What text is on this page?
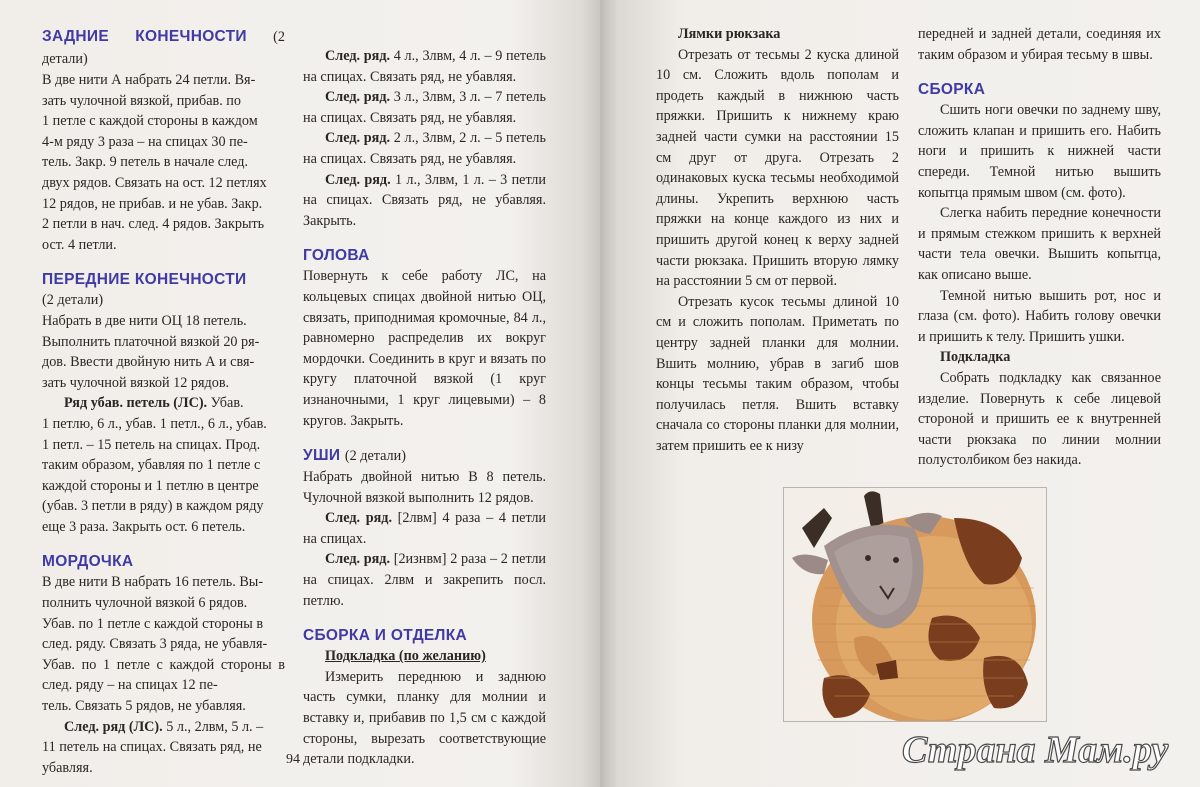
ЗАДНИЕ КОНЕЧНОСТИ (2 детали)

В две нити А набрать 24 петли. Вя-
зать чулочной вязкой, прибав. по
1 петле с каждой стороны в каждом
4-м ряду 3 раза – на спицах 30 пе-
тель. Закр. 9 петель в начале след.
двух рядов. Связать на ост. 12 петлях
12 рядов, не прибав. и не убав. Закр.
2 петли в нач. след. 4 рядов. Закрыть
ост. 4 петли.

ПЕРЕДНИЕ КОНЕЧНОСТИ

(2 детали)

Набрать в две нити ОЦ 18 петель.
Выполнить платочной вязкой 20 ря-
дов. Ввести двойную нить А и свя-
зать чулочной вязкой 12 рядов.

Ряд убав. петель (ЛС). Убав.
1 петлю, 6 л., убав. 1 петл., 6 л., убав.
1 петл. – 15 петель на спицах. Прод.
таким образом, убавляя по 1 петле с
каждой стороны и 1 петлю в центре
(убав. 3 петли в ряду) в каждом ряду
еще 3 раза. Закрыть ост. 6 петель.

МОРДОЧКА

В две нити В набрать 16 петель. Вы-
полнить чулочной вязкой 6 рядов.
Убав. по 1 петле с каждой стороны в
след. ряду. Связать 3 ряда, не убавля-
Убав. по 1 петле с каждой стороны в след. ряду – на спицах 12 пе-
тель. Связать 5 рядов, не убавляя.

След. ряд (ЛС). 5 л., 2лвм, 5 л. –
11 петель на спицах. Связать ряд, не
убавляя.

След. ряд. 4 л., 3лвм, 4 л. – 9 петель на спицах. Связать ряд, не убавляя.

След. ряд. 3 л., 3лвм, 3 л. – 7 петель на спицах. Связать ряд, не убавляя.

След. ряд. 2 л., 3лвм, 2 л. – 5 петель на спицах. Связать ряд, не убавляя.

След. ряд. 1 л., 3лвм, 1 л. – 3 петли на спицах. Связать ряд, не убавляя. Закрыть.

ГОЛОВА

Повернуть к себе работу ЛС, на кольцевых спицах двойной нитью ОЦ, связать, приподнимая кромочные, 84 л., равномерно распределив их вокруг мордочки. Соединить в круг и вязать по кругу платочной вязкой (1 круг изнаночными, 1 круг лицевыми) – 8 кругов. Закрыть.

УШИ (2 детали)

Набрать двойной нитью В 8 петель. Чулочной вязкой выполнить 12 рядов.

След. ряд. [2лвм] 4 раза – 4 петли на спицах.

След. ряд. [2изнвм] 2 раза – 2 петли на спицах. 2лвм и закрепить посл. петлю.

СБОРКА И ОТДЕЛКА

Подкладка (по желанию)

Измерить переднюю и заднюю часть сумки, планку для молнии и вставку и, прибавив по 1,5 см с каждой стороны, вырезать соответствующие детали подкладки.

94

Лямки рюкзака

Отрезать от тесьмы 2 куска длиной 10 см. Сложить вдоль пополам и продеть каждый в нижнюю часть пряжки. Пришить к нижнему краю задней части сумки на расстоянии 15 см друг от друга. Отрезать 2 одинаковых куска тесьмы необходимой длины. Укрепить верхнюю часть пряжки на конце каждого из них и пришить другой конец к верху задней части рюкзака. Пришить вторую лямку на расстоянии 5 см от первой.

Отрезать кусок тесьмы длиной 10 см и сложить пополам. Приметать по центру задней планки для молнии. Вшить молнию, убрав в загиб шов концы тесьмы таким образом, чтобы получилась петля. Вшить вставку сначала со стороны планки для молнии, затем пришить ее к низу

передней и задней детали, соединяя их таким образом и убирая тесьму в швы.

СБОРКА

Сшить ноги овечки по заднему шву, сложить клапан и пришить его. Набить ноги и пришить к нижней части спереди. Темной нитью вышить копытца прямым швом (см. фото).

Слегка набить передние конечности и прямым стежком пришить к верхней части тела овечки. Вышить копытца, как описано выше.

Темной нитью вышить рот, нос и глаза (см. фото). Набить голову овечки и пришить к телу. Пришить ушки.

Подкладка

Собрать подкладку как связанное изделие. Повернуть к себе лицевой стороной и пришить ее к внутренней части рюкзака по линии молнии полустолбиком без накида.

Страна Мам.ру
